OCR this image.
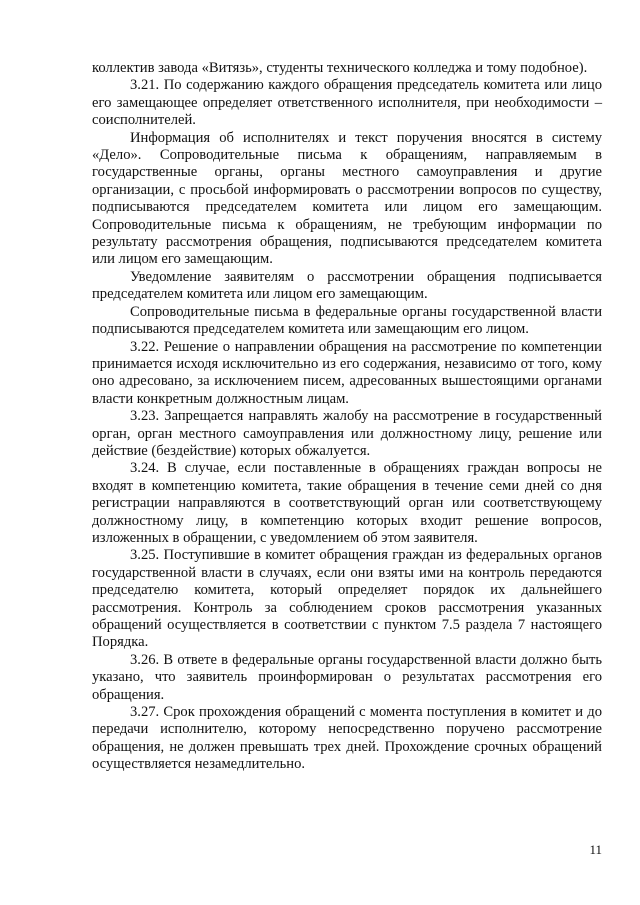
коллектив завода «Витязь», студенты технического колледжа и тому подобное).

3.21. По содержанию каждого обращения председатель комитета или лицо его замещающее определяет ответственного исполнителя, при необходимости – соисполнителей.

Информация об исполнителях и текст поручения вносятся в систему «Дело». Сопроводительные письма к обращениям, направляемым в государственные органы, органы местного самоуправления и другие организации, с просьбой информировать о рассмотрении вопросов по существу, подписываются председателем комитета или лицом его замещающим. Сопроводительные письма к обращениям, не требующим информации по результату рассмотрения обращения, подписываются председателем комитета или лицом его замещающим.

Уведомление заявителям о рассмотрении обращения подписывается председателем комитета или лицом его замещающим.

Сопроводительные письма в федеральные органы государственной власти подписываются председателем комитета или замещающим его лицом.

3.22. Решение о направлении обращения на рассмотрение по компетенции принимается исходя исключительно из его содержания, независимо от того, кому оно адресовано, за исключением писем, адресованных вышестоящими органами власти конкретным должностным лицам.

3.23. Запрещается направлять жалобу на рассмотрение в государственный орган, орган местного самоуправления или должностному лицу, решение или действие (бездействие) которых обжалуется.

3.24. В случае, если поставленные в обращениях граждан вопросы не входят в компетенцию комитета, такие обращения в течение семи дней со дня регистрации направляются в соответствующий орган или соответствующему должностному лицу, в компетенцию которых входит решение вопросов, изложенных в обращении, с уведомлением об этом заявителя.

3.25. Поступившие в комитет обращения граждан из федеральных органов государственной власти в случаях, если они взяты ими на контроль передаются председателю комитета, который определяет порядок их дальнейшего рассмотрения. Контроль за соблюдением сроков рассмотрения указанных обращений осуществляется в соответствии с пунктом 7.5 раздела 7 настоящего Порядка.

3.26. В ответе в федеральные органы государственной власти должно быть указано, что заявитель проинформирован о результатах рассмотрения его обращения.

3.27. Срок прохождения обращений с момента поступления в комитет и до передачи исполнителю, которому непосредственно поручено рассмотрение обращения, не должен превышать трех дней. Прохождение срочных обращений осуществляется незамедлительно.

11
